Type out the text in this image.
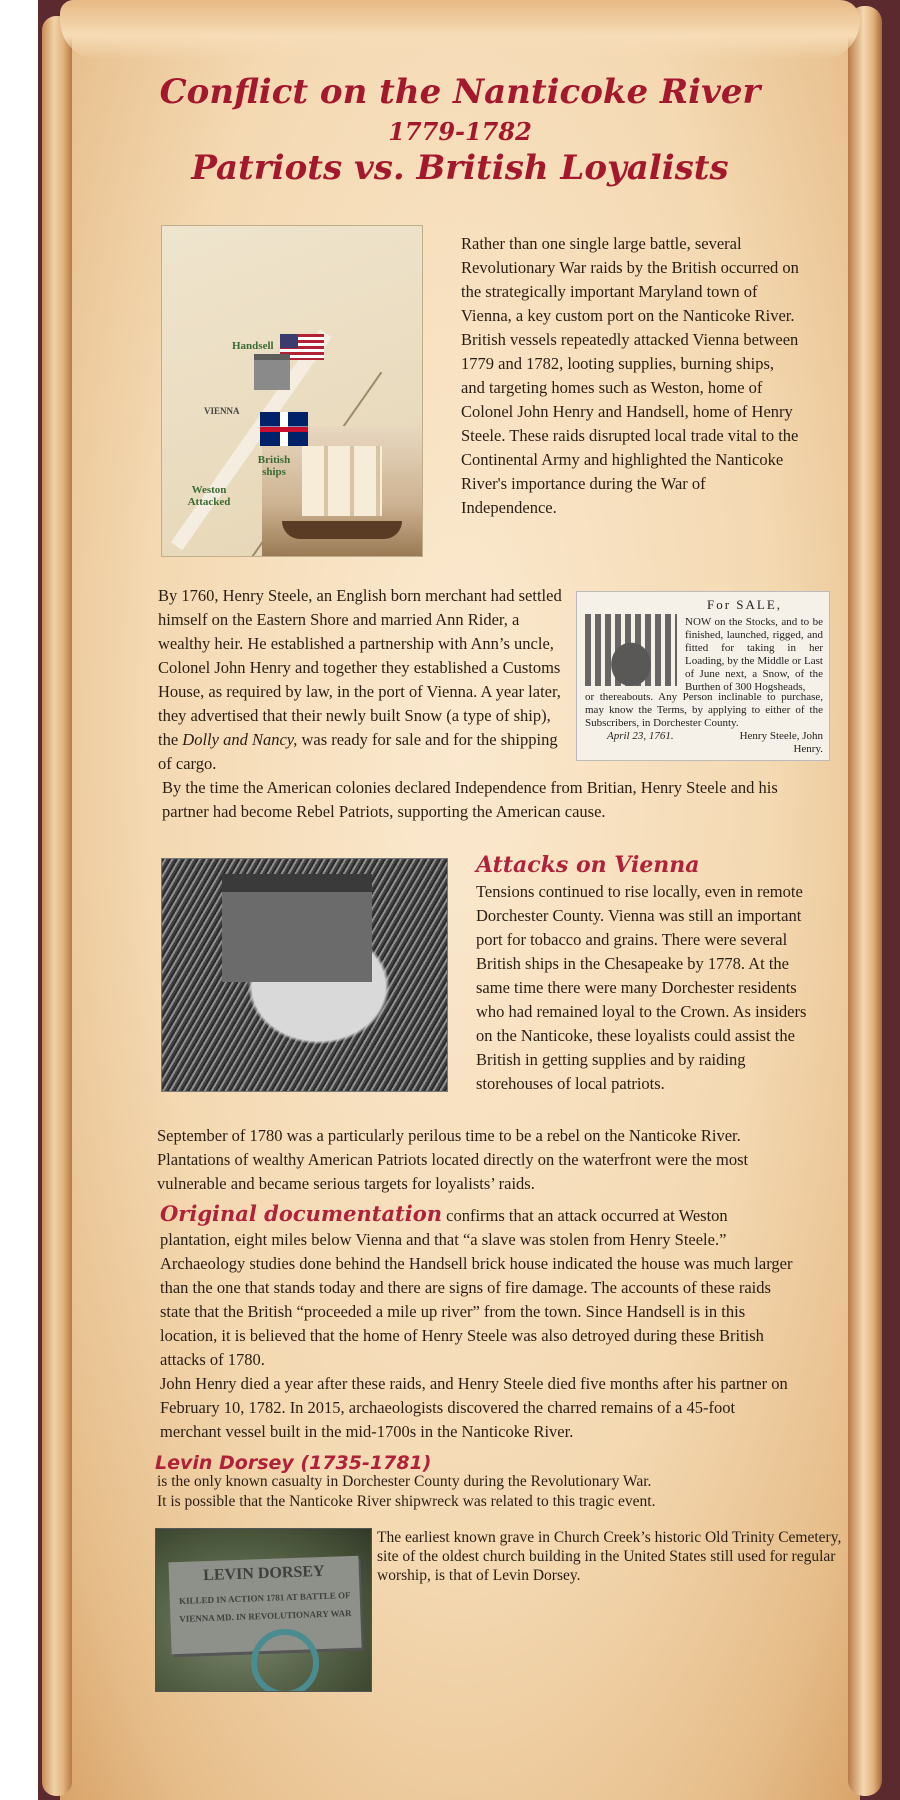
Conflict on the Nanticoke River
1779-1782
Patriots vs. British Loyalists
Handsell
British ships
Weston Attacked
VIENNA
Rather than one single large battle, several Revolutionary War raids by the British occurred on the strategically important Maryland town of Vienna, a key custom port on the Nanticoke River. British vessels repeatedly attacked Vienna between 1779 and 1782, looting supplies, burning ships, and targeting homes such as Weston, home of Colonel John Henry and Handsell, home of Henry Steele. These raids disrupted local trade vital to the Continental Army and highlighted the Nanticoke River's importance during the War of Independence.
By 1760, Henry Steele, an English born merchant had settled himself on the Eastern Shore and married Ann Rider, a wealthy heir. He established a partnership with Ann’s uncle, Colonel John Henry and together they established a Customs House, as required by law, in the port of Vienna. A year later, they advertised that their newly built Snow (a type of ship), the Dolly and Nancy, was ready for sale and for the shipping of cargo.
For SALE,
NOW on the Stocks, and to be finished, launched, rigged, and fitted for taking in her Loading, by the Middle or Last of June next, a Snow, of the Burthen of 300 Hogsheads,
or thereabouts. Any Person inclinable to purchase, may know the Terms, by applying to either of the Subscribers, in Dorchester County.
April 23, 1761.	Henry Steele, John Henry.
By the time the American colonies declared Independence from Britian, Henry Steele and his partner had become Rebel Patriots, supporting the American cause.
Attacks on Vienna
Tensions continued to rise locally, even in remote Dorchester County. Vienna was still an important port for tobacco and grains. There were several British ships in the Chesapeake by 1778. At the same time there were many Dorchester residents who had remained loyal to the Crown. As insiders on the Nanticoke, these loyalists could assist the British in getting supplies and by raiding storehouses of local patriots.
September of 1780 was a particularly perilous time to be a rebel on the Nanticoke River. Plantations of wealthy American Patriots located directly on the waterfront were the most vulnerable and became serious targets for loyalists’ raids.
Original documentation confirms that an attack occurred at Weston plantation, eight miles below Vienna and that “a slave was stolen from Henry Steele.” Archaeology studies done behind the Handsell brick house indicated the house was much larger than the one that stands today and there are signs of fire damage. The accounts of these raids state that the British “proceeded a mile up river” from the town. Since Handsell is in this location, it is believed that the home of Henry Steele was also detroyed during these British attacks of 1780.
John Henry died a year after these raids, and Henry Steele died five months after his partner on February 10, 1782. In 2015, archaeologists discovered the charred remains of a 45-foot merchant vessel built in the mid-1700s in the Nanticoke River.
Levin Dorsey (1735-1781)
is the only known casualty in Dorchester County during the Revolutionary War.
It is possible that the Nanticoke River shipwreck was related to this tragic event.
LEVIN DORSEY
KILLED IN ACTION 1781 AT BATTLE OF
VIENNA MD. IN REVOLUTIONARY WAR
The earliest known grave in Church Creek’s historic Old Trinity Cemetery, site of the oldest church building in the United States still used for regular worship, is that of Levin Dorsey.
